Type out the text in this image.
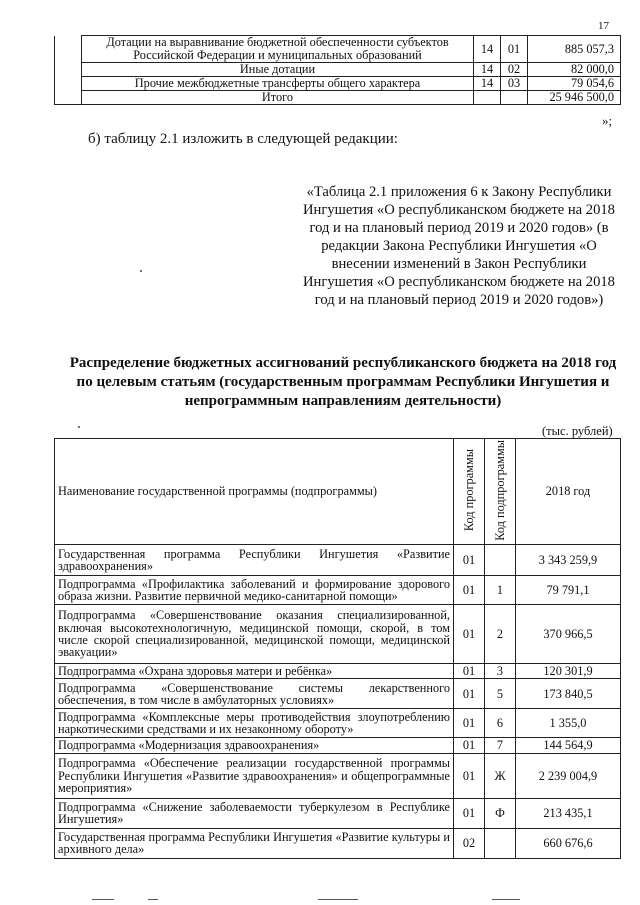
17
	Дотации на выравнивание бюджетной обеспеченности субъектов Российской Федерации и муниципальных образований	14	01	885 057,3
	Иные дотации	14	02	82 000,0
	Прочие межбюджетные трансферты общего характера	14	03	79 054,6
	Итого			25 946 500,0
»;
б) таблицу 2.1 изложить в следующей редакции:
«Таблица 2.1 приложения 6 к Закону Республики Ингушетия «О республиканском бюджете на 2018 год и на плановый период 2019 и 2020 годов» (в редакции Закона Республики Ингушетия «О внесении изменений в Закон Республики Ингушетия «О республиканском бюджете на 2018 год и на плановый период 2019 и 2020 годов»)
Распределение бюджетных ассигнований республиканского бюджета на 2018 год по целевым статьям (государственным программам Республики Ингушетия и непрограммным направлениям деятельности)
(тыс. рублей)
Наименование государственной программы (подпрограммы)	Код программы	Код подпрограммы	2018 год
Государственная программа Республики Ингушетия «Развитие здравоохранения»	01		3 343 259,9
Подпрограмма «Профилактика заболеваний и формирование здорового образа жизни. Развитие первичной медико-санитарной помощи»	01	1	79 791,1
Подпрограмма «Совершенствование оказания специализированной, включая высокотехнологичную, медицинской помощи, скорой, в том числе скорой специализированной, медицинской помощи, медицинской эвакуации»	01	2	370 966,5
Подпрограмма «Охрана здоровья матери и ребёнка»	01	3	120 301,9
Подпрограмма «Совершенствование системы лекарственного обеспечения, в том числе в амбулаторных условиях»	01	5	173 840,5
Подпрограмма «Комплексные меры противодействия злоупотреблению наркотическими средствами и их незаконному обороту»	01	6	1 355,0
Подпрограмма «Модернизация здравоохранения»	01	7	144 564,9
Подпрограмма «Обеспечение реализации государственной программы Республики Ингушетия «Развитие здравоохранения» и общепрограммные мероприятия»	01	Ж	2 239 004,9
Подпрограмма «Снижение заболеваемости туберкулезом в Республике Ингушетия»	01	Ф	213 435,1
Государственная программа Республики Ингушетия «Развитие культуры и архивного дела»	02		660 676,6
